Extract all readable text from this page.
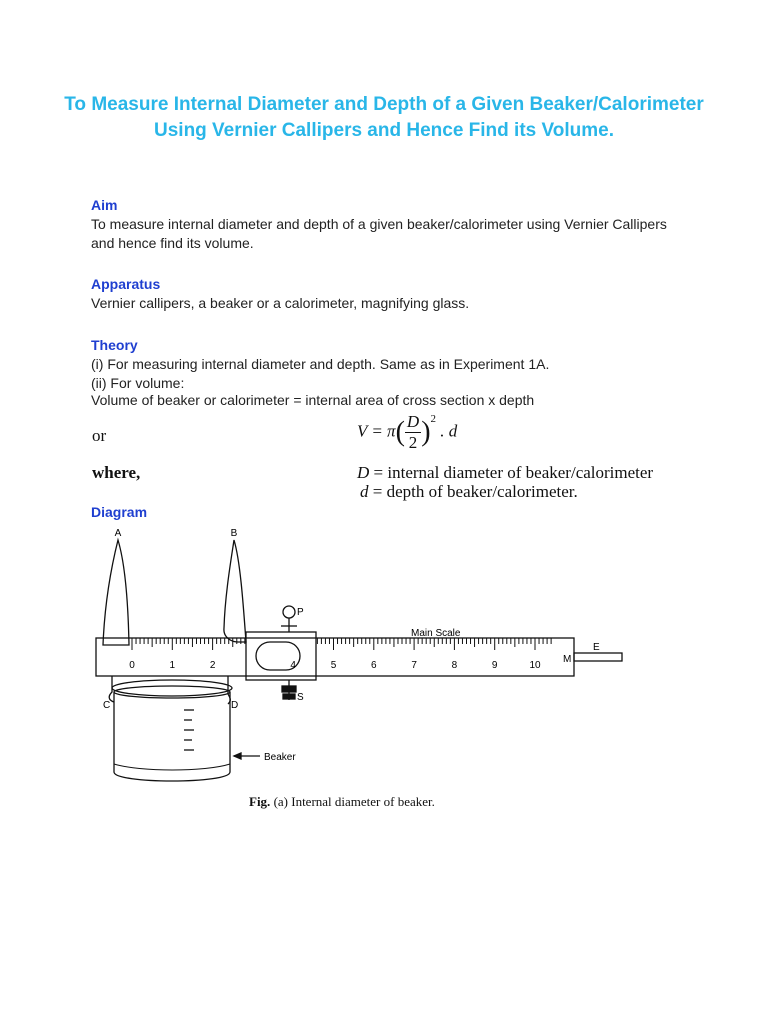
To Measure Internal Diameter and Depth of a Given Beaker/Calorimeter Using Vernier Callipers and Hence Find its Volume.
Aim
To measure internal diameter and depth of a given beaker/calorimeter using Vernier Callipers and hence find its volume.
Apparatus
Vernier callipers, a beaker or a calorimeter, magnifying glass.
Theory
(i) For measuring internal diameter and depth. Same as in Experiment 1A.
(ii) For volume:
Volume of beaker or calorimeter = internal area of cross section x depth
or	$V = \pi( \frac{D}{2} )^2$ . d
where,	D = internal diameter of beaker/calorimeter
d = depth of beaker/calorimeter.
Diagram
A	B
C	D
E
M
P
S
Main Scale
Beaker
0	1	2	4	5	6	7	8	9	10
Fig. (a) Internal diameter of beaker.
